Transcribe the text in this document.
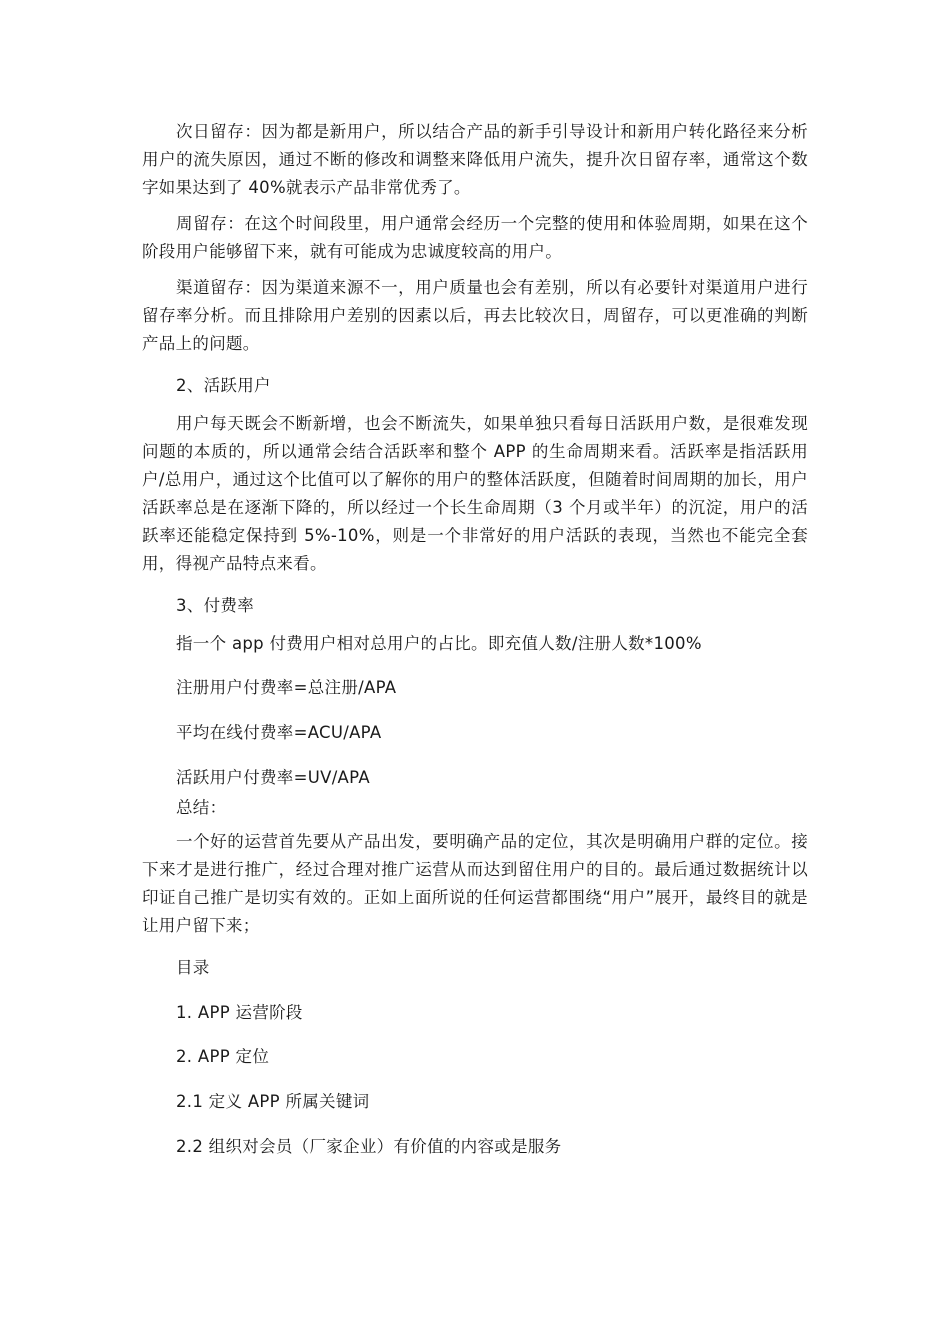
次日留存：因为都是新用户，所以结合产品的新手引导设计和新用户转化路径来分析用户的流失原因，通过不断的修改和调整来降低用户流失，提升次日留存率，通常这个数字如果达到了 40%就表示产品非常优秀了。

周留存：在这个时间段里，用户通常会经历一个完整的使用和体验周期，如果在这个阶段用户能够留下来，就有可能成为忠诚度较高的用户。

渠道留存：因为渠道来源不一，用户质量也会有差别，所以有必要针对渠道用户进行留存率分析。而且排除用户差别的因素以后，再去比较次日，周留存，可以更准确的判断产品上的问题。

2、活跃用户

用户每天既会不断新增，也会不断流失，如果单独只看每日活跃用户数，是很难发现问题的本质的，所以通常会结合活跃率和整个 APP 的生命周期来看。活跃率是指活跃用户/总用户，通过这个比值可以了解你的用户的整体活跃度，但随着时间周期的加长，用户活跃率总是在逐渐下降的，所以经过一个长生命周期（3 个月或半年）的沉淀，用户的活跃率还能稳定保持到 5%-10%，则是一个非常好的用户活跃的表现，当然也不能完全套用，得视产品特点来看。

3、付费率

指一个 app 付费用户相对总用户的占比。即充值人数/注册人数*100%

注册用户付费率=总注册/APA

平均在线付费率=ACU/APA

活跃用户付费率=UV/APA

总结：

一个好的运营首先要从产品出发，要明确产品的定位，其次是明确用户群的定位。接下来才是进行推广，经过合理对推广运营从而达到留住用户的目的。最后通过数据统计以印证自己推广是切实有效的。正如上面所说的任何运营都围绕“用户”展开，最终目的就是让用户留下来；

目录

1. APP 运营阶段

2. APP 定位

2.1 定义 APP 所属关键词

2.2 组织对会员（厂家企业）有价值的内容或是服务
